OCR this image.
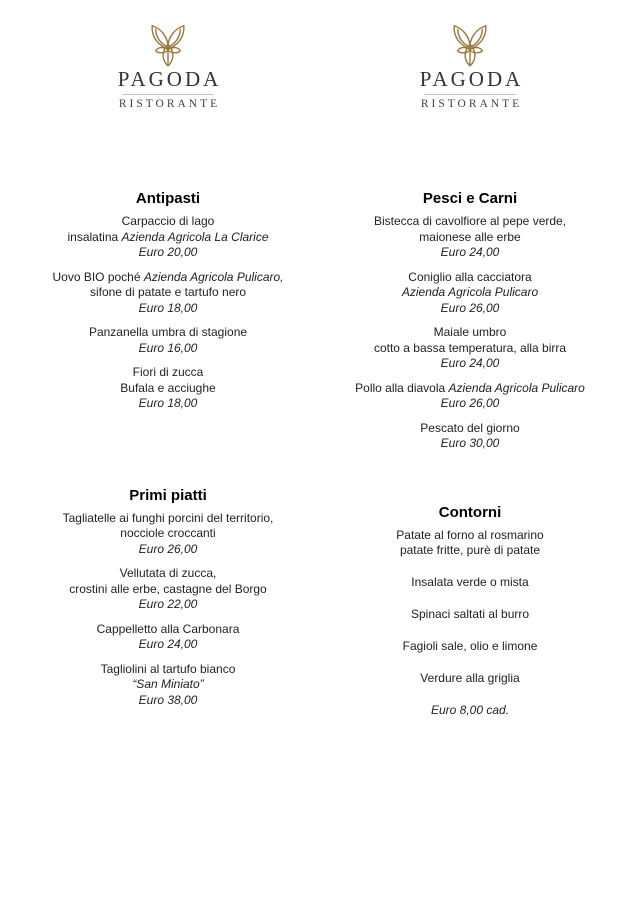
PAGODA
RISTORANTE
Antipasti
Carpaccio di lago
insalatina Azienda Agricola La Clarice
Euro 20,00
Uovo BIO poché Azienda Agricola Pulicaro,
sifone di patate e tartufo nero
Euro 18,00
Panzanella umbra di stagione
Euro 16,00
Fiori di zucca
Bufala e acciughe
Euro 18,00
Primi piatti
Tagliatelle ai funghi porcini del territorio,
nocciole croccanti
Euro 26,00
Vellutata di zucca,
crostini alle erbe, castagne del Borgo
Euro 22,00
Cappelletto alla Carbonara
Euro 24,00
Tagliolini al tartufo bianco
“San Miniato”
Euro 38,00
PAGODA
RISTORANTE
Pesci e Carni
Bistecca di cavolfiore al pepe verde,
maionese alle erbe
Euro 24,00
Coniglio alla cacciatora
Azienda Agricola Pulicaro
Euro 26,00
Maiale umbro
cotto a bassa temperatura, alla birra
Euro 24,00
Pollo alla diavola Azienda Agricola Pulicaro
Euro 26,00
Pescato del giorno
Euro 30,00
Contorni
Patate al forno al rosmarino
patate fritte, purè di patate
Insalata verde o mista
Spinaci saltati al burro
Fagioli sale, olio e limone
Verdure alla griglia
Euro 8,00 cad.
